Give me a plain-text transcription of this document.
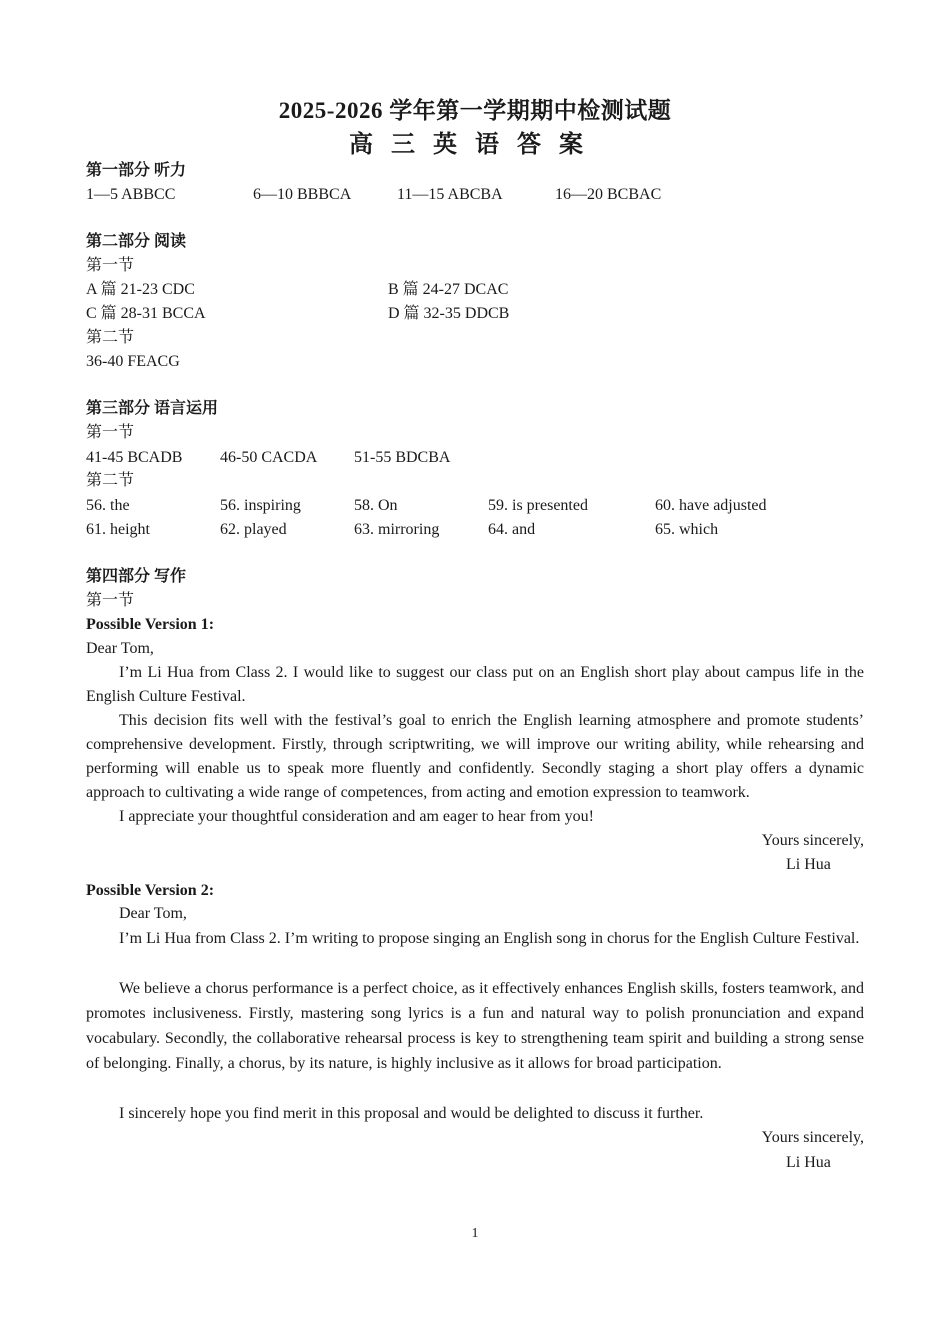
2025-2026 学年第一学期期中检测试题
高三英语答案
第一部分 听力
1—5 ABBCC	6—10 BBBCA	11—15 ABCBA	16—20 BCBAC
第二部分 阅读
第一节
A 篇 21-23 CDC	B 篇 24-27 DCAC
C 篇 28-31 BCCA	D 篇 32-35 DDCB
第二节
36-40 FEACG
第三部分 语言运用
第一节
41-45 BCADB 46-50 CACDA 51-55 BDCBA
第二节
56. the	56. inspiring	58. On	59. is presented	60. have adjusted
61. height	62. played	63. mirroring	64. and	65. which
第四部分 写作
第一节
Possible Version 1:
Dear Tom,
I’m Li Hua from Class 2. I would like to suggest our class put on an English short play about campus life in the English Culture Festival.
This decision fits well with the festival’s goal to enrich the English learning atmosphere and promote students’ comprehensive development. Firstly, through scriptwriting, we will improve our writing ability, while rehearsing and performing will enable us to speak more fluently and confidently. Secondly staging a short play offers a dynamic approach to cultivating a wide range of competences, from acting and emotion expression to teamwork.
I appreciate your thoughtful consideration and am eager to hear from you!
Yours sincerely,
Li Hua
Possible Version 2:
Dear Tom,
I’m Li Hua from Class 2. I’m writing to propose singing an English song in chorus for the English Culture Festival.
We believe a chorus performance is a perfect choice, as it effectively enhances English skills, fosters teamwork, and promotes inclusiveness. Firstly, mastering song lyrics is a fun and natural way to polish pronunciation and expand vocabulary. Secondly, the collaborative rehearsal process is key to strengthening team spirit and building a strong sense of belonging. Finally, a chorus, by its nature, is highly inclusive as it allows for broad participation.
I sincerely hope you find merit in this proposal and would be delighted to discuss it further.
Yours sincerely,
Li Hua
1
